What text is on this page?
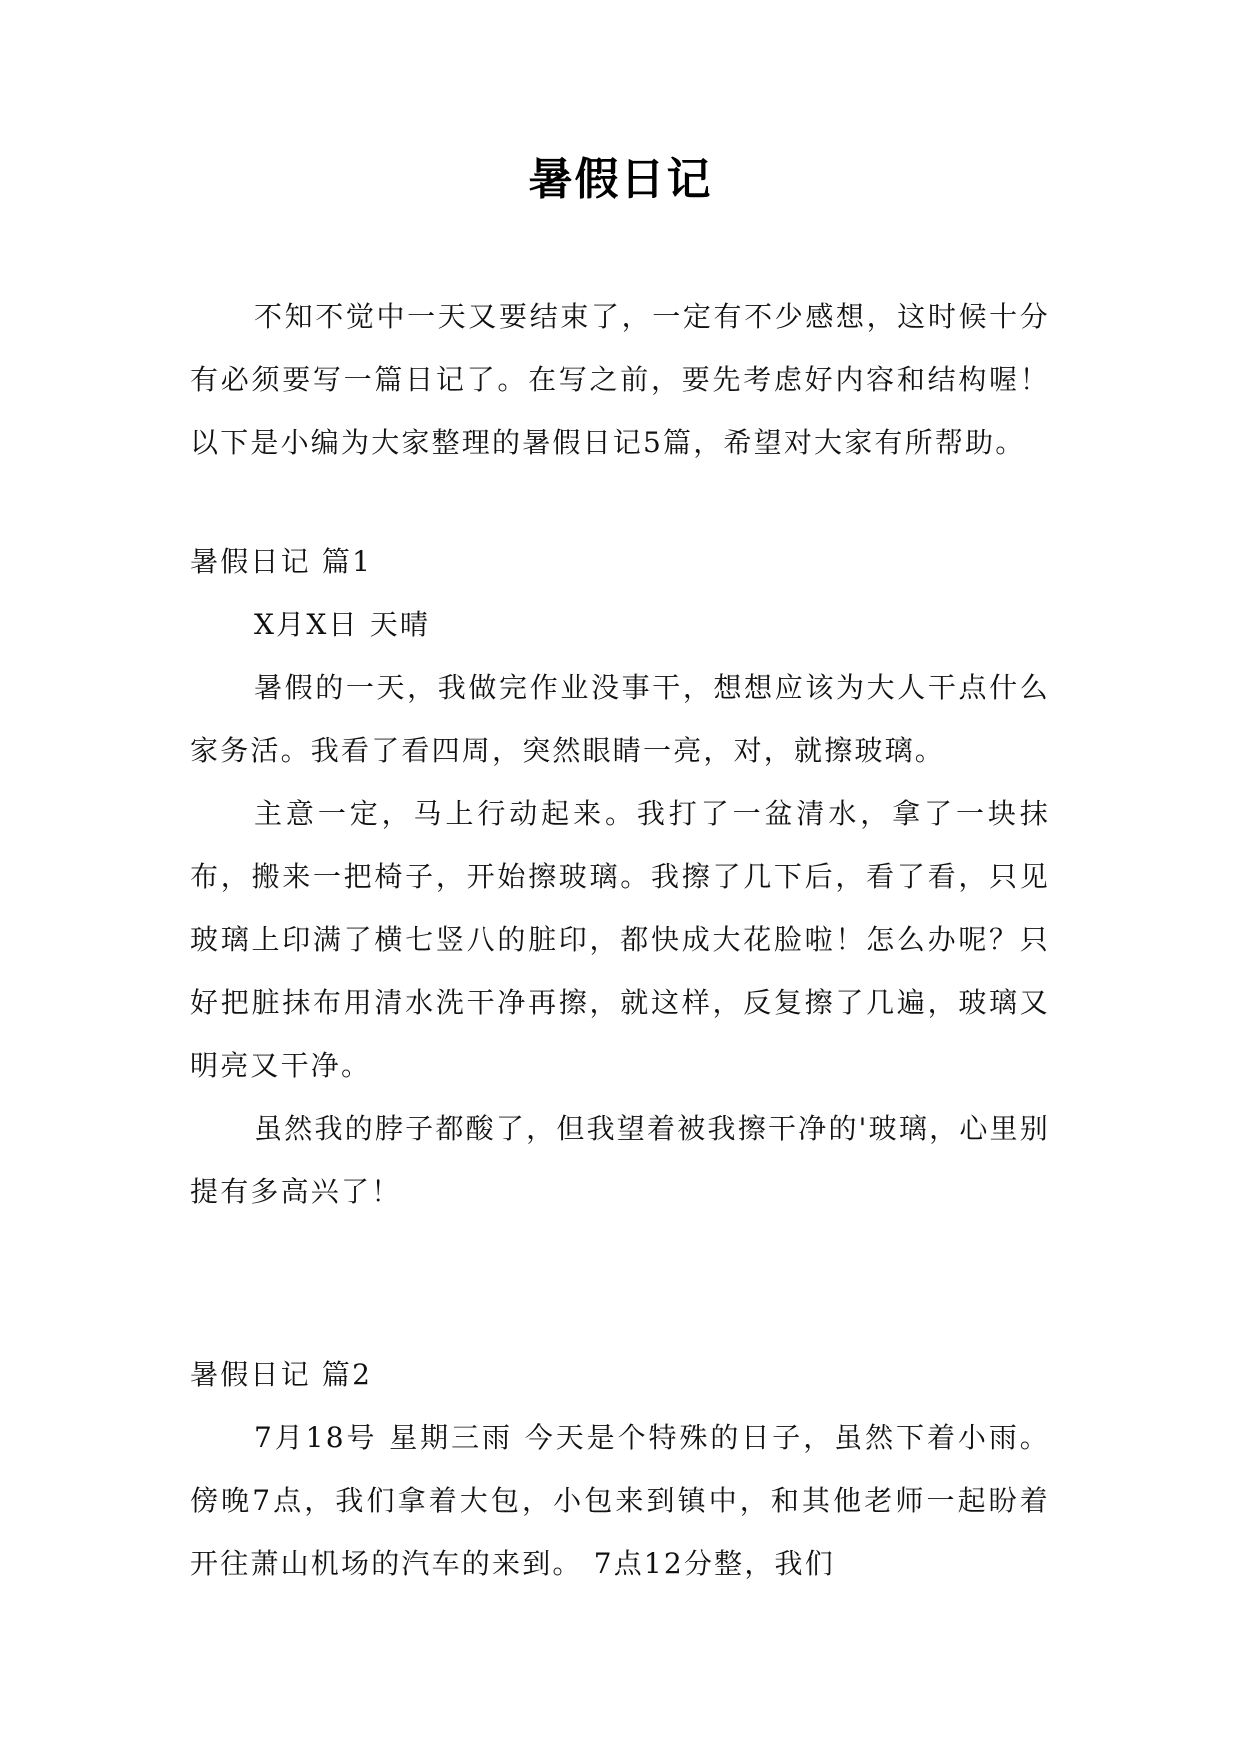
暑假日记

不知不觉中一天又要结束了，一定有不少感想，这时候十分有必须要写一篇日记了。在写之前，要先考虑好内容和结构喔！以下是小编为大家整理的暑假日记5篇，希望对大家有所帮助。

暑假日记 篇1

X月X日 天晴

暑假的一天，我做完作业没事干，想想应该为大人干点什么家务活。我看了看四周，突然眼睛一亮，对，就擦玻璃。

主意一定，马上行动起来。我打了一盆清水，拿了一块抹布，搬来一把椅子，开始擦玻璃。我擦了几下后，看了看，只见玻璃上印满了横七竖八的脏印，都快成大花脸啦！怎么办呢？只好把脏抹布用清水洗干净再擦，就这样，反复擦了几遍，玻璃又明亮又干净。

虽然我的脖子都酸了，但我望着被我擦干净的'玻璃，心里别提有多高兴了！

暑假日记 篇2

7月18号 星期三雨 今天是个特殊的日子，虽然下着小雨。傍晚7点，我们拿着大包，小包来到镇中，和其他老师一起盼着开往萧山机场的汽车的来到。 7点12分整，我们
